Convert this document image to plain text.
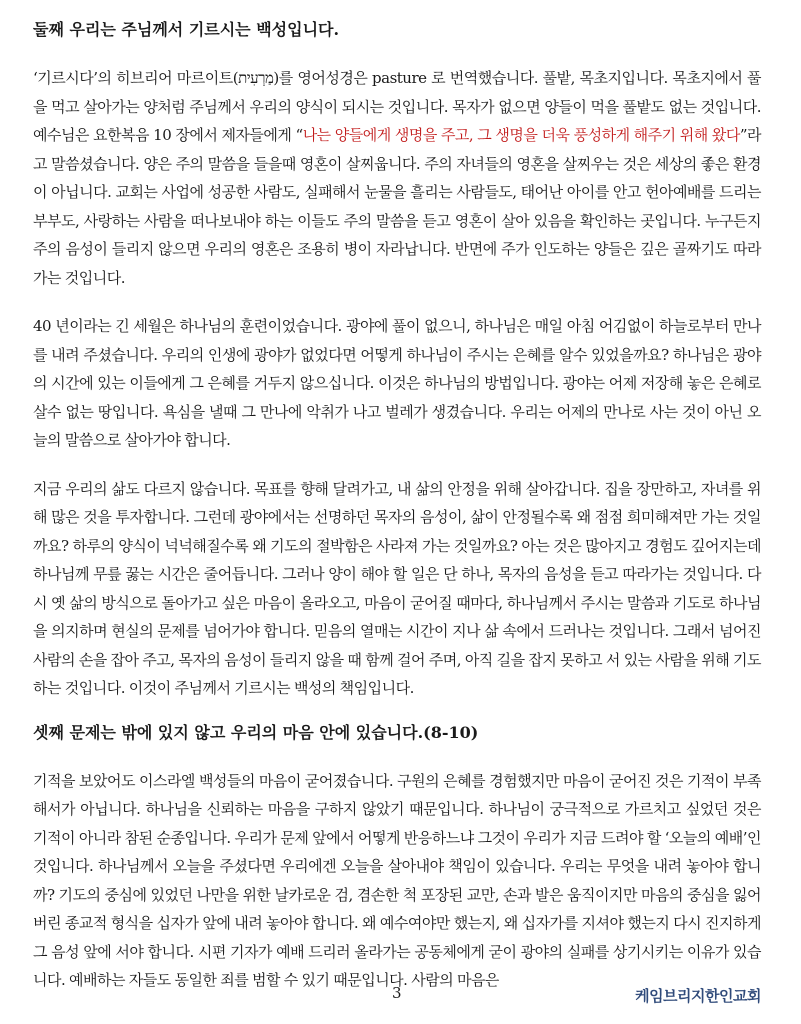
둘째 우리는 주님께서 기르시는 백성입니다.

‘기르시다’의 히브리어 마르이트(מַרְעִית)를 영어성경은 pasture 로 번역했습니다. 풀밭, 목초지입니다. 목초지에서 풀을 먹고 살아가는 양처럼 주님께서 우리의 양식이 되시는 것입니다. 목자가 없으면 양들이 먹을 풀밭도 없는 것입니다. 예수님은 요한복음 10 장에서 제자들에게 “나는 양들에게 생명을 주고, 그 생명을 더욱 풍성하게 해주기 위해 왔다”라고 말씀셨습니다. 양은 주의 말씀을 들을때 영혼이 살찌웁니다. 주의 자녀들의 영혼을 살찌우는 것은 세상의 좋은 환경이 아닙니다. 교회는 사업에 성공한 사람도, 실패해서 눈물을 흘리는 사람들도, 태어난 아이를 안고 헌아예배를 드리는 부부도, 사랑하는 사람을 떠나보내야 하는 이들도 주의 말씀을 듣고 영혼이 살아 있음을 확인하는 곳입니다. 누구든지 주의 음성이 들리지 않으면 우리의 영혼은 조용히 병이 자라납니다. 반면에 주가 인도하는 양들은 깊은 골짜기도 따라가는 것입니다.

40 년이라는 긴 세월은 하나님의 훈련이었습니다. 광야에 풀이 없으니, 하나님은 매일 아침 어김없이 하늘로부터 만나를 내려 주셨습니다. 우리의 인생에 광야가 없었다면 어떻게 하나님이 주시는 은혜를 알수 있었을까요? 하나님은 광야의 시간에 있는 이들에게 그 은혜를 거두지 않으십니다. 이것은 하나님의 방법입니다. 광야는 어제 저장해 놓은 은혜로 살수 없는 땅입니다. 욕심을 낼때 그 만나에 악취가 나고 벌레가 생겼습니다. 우리는 어제의 만나로 사는 것이 아닌 오늘의 말씀으로 살아가야 합니다.

지금 우리의 삶도 다르지 않습니다. 목표를 향해 달려가고, 내 삶의 안정을 위해 살아갑니다. 집을 장만하고, 자녀를 위해 많은 것을 투자합니다. 그런데 광야에서는 선명하던 목자의 음성이, 삶이 안정될수록 왜 점점 희미해져만 가는 것일까요? 하루의 양식이 넉넉해질수록 왜 기도의 절박함은 사라져 가는 것일까요? 아는 것은 많아지고 경험도 깊어지는데 하나님께 무릎 꿇는 시간은 줄어듭니다. 그러나 양이 해야 할 일은 단 하나, 목자의 음성을 듣고 따라가는 것입니다. 다시 옛 삶의 방식으로 돌아가고 싶은 마음이 올라오고, 마음이 굳어질 때마다, 하나님께서 주시는 말씀과 기도로 하나님을 의지하며 현실의 문제를 넘어가야 합니다. 믿음의 열매는 시간이 지나 삶 속에서 드러나는 것입니다. 그래서 넘어진 사람의 손을 잡아 주고, 목자의 음성이 들리지 않을 때 함께 걸어 주며, 아직 길을 잡지 못하고 서 있는 사람을 위해 기도하는 것입니다. 이것이 주님께서 기르시는 백성의 책임입니다.

셋째 문제는 밖에 있지 않고 우리의 마음 안에 있습니다.(8-10)

기적을 보았어도 이스라엘 백성들의 마음이 굳어졌습니다. 구원의 은혜를 경험했지만 마음이 굳어진 것은 기적이 부족해서가 아닙니다. 하나님을 신뢰하는 마음을 구하지 않았기 때문입니다. 하나님이 궁극적으로 가르치고 싶었던 것은 기적이 아니라 참된 순종입니다. 우리가 문제 앞에서 어떻게 반응하느냐 그것이 우리가 지금 드려야 할 ‘오늘의 예배’인 것입니다. 하나님께서 오늘을 주셨다면 우리에겐 오늘을 살아내야 책임이 있습니다. 우리는 무엇을 내려 놓아야 합니까? 기도의 중심에 있었던 나만을 위한 날카로운 검, 겸손한 척 포장된 교만, 손과 발은 움직이지만 마음의 중심을 잃어버린 종교적 형식을 십자가 앞에 내려 놓아야 합니다. 왜 예수여야만 했는지, 왜 십자가를 지셔야 했는지 다시 진지하게 그 음성 앞에 서야 합니다. 시편 기자가 예배 드리러 올라가는 공동체에게 굳이 광야의 실패를 상기시키는 이유가 있습니다. 예배하는 자들도 동일한 죄를 범할 수 있기 때문입니다. 사람의 마음은

3	케임브리지한인교회
